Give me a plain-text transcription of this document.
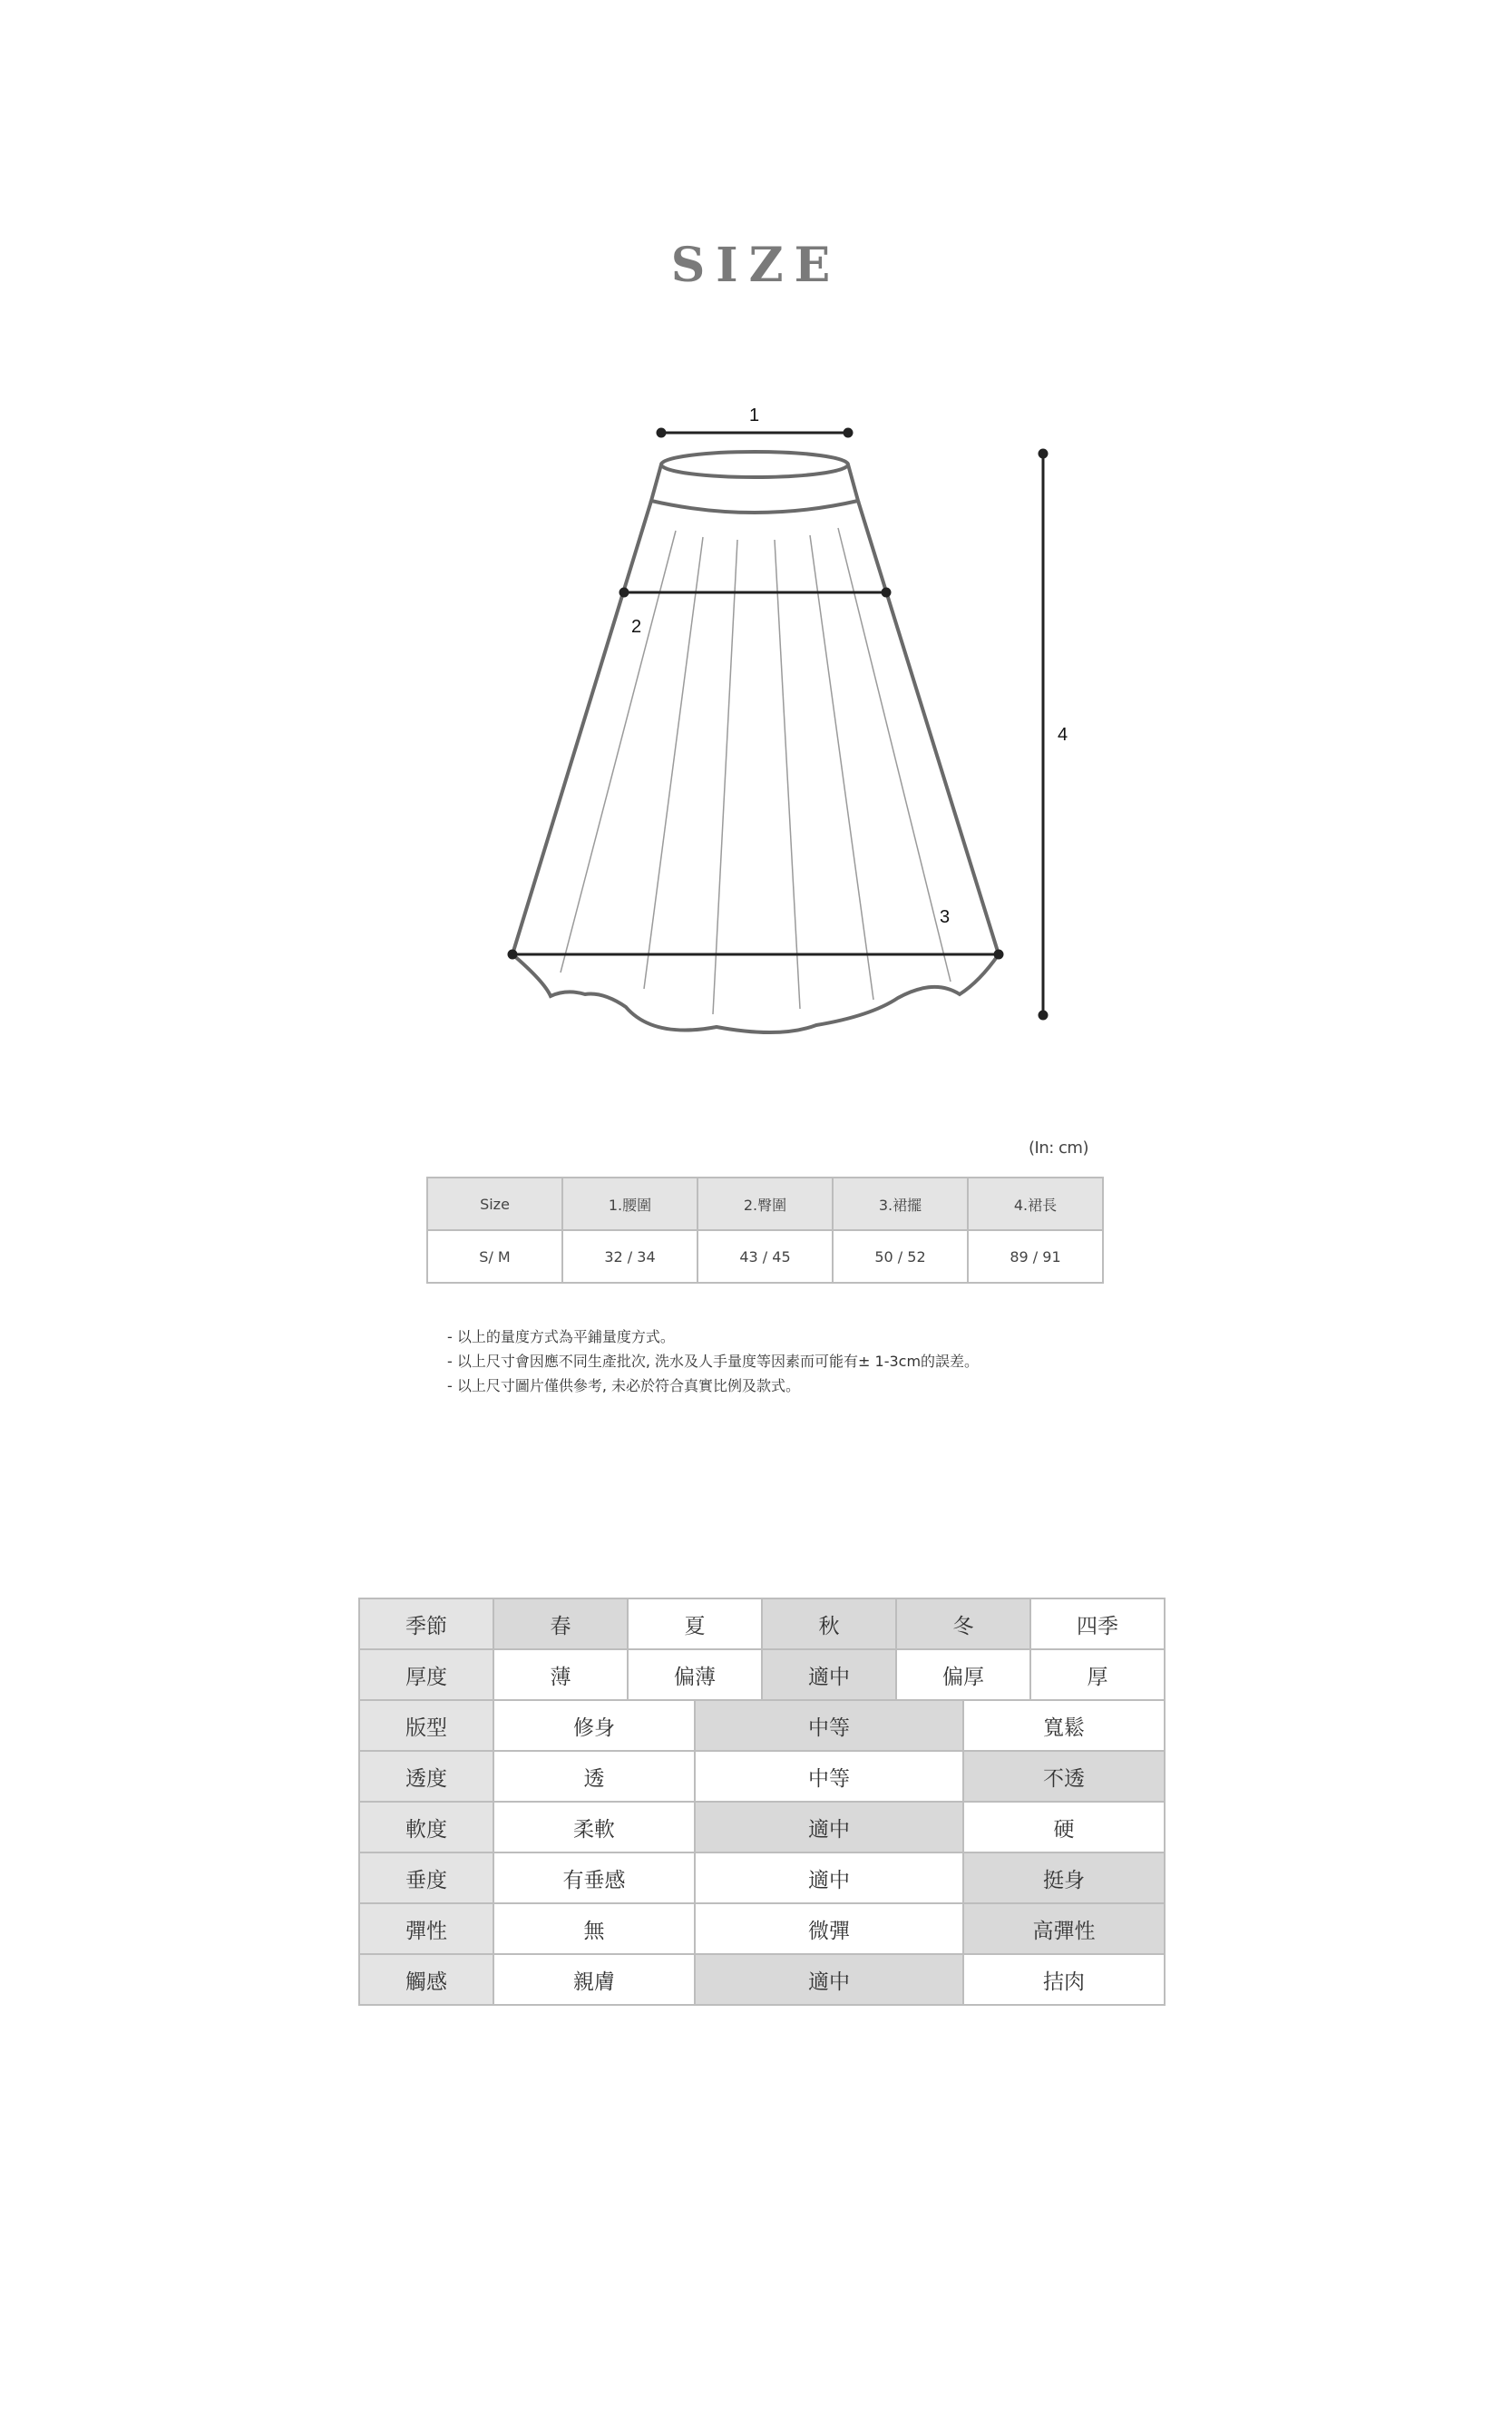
SIZE
1
2
3
4
(In: cm)
Size	1.腰圍	2.臀圍	3.裙擺	4.裙長
S/ M	32 / 34	43 / 45	50 / 52	89 / 91
- 以上的量度方式為平鋪量度方式。
- 以上尺寸會因應不同生產批次, 洗水及人手量度等因素而可能有± 1-3cm的誤差。
- 以上尺寸圖片僅供參考, 未必於符合真實比例及款式。
季節	春	夏		秋	冬		四季
厚度	薄	偏薄		適中	偏厚		厚
版型	修身		中等			寬鬆	
透度	透		中等			不透	
軟度	柔軟		適中			硬	
垂度	有垂感		適中			挺身	
彈性	無		微彈			高彈性	
觸感	親膚		適中			拮肉	
